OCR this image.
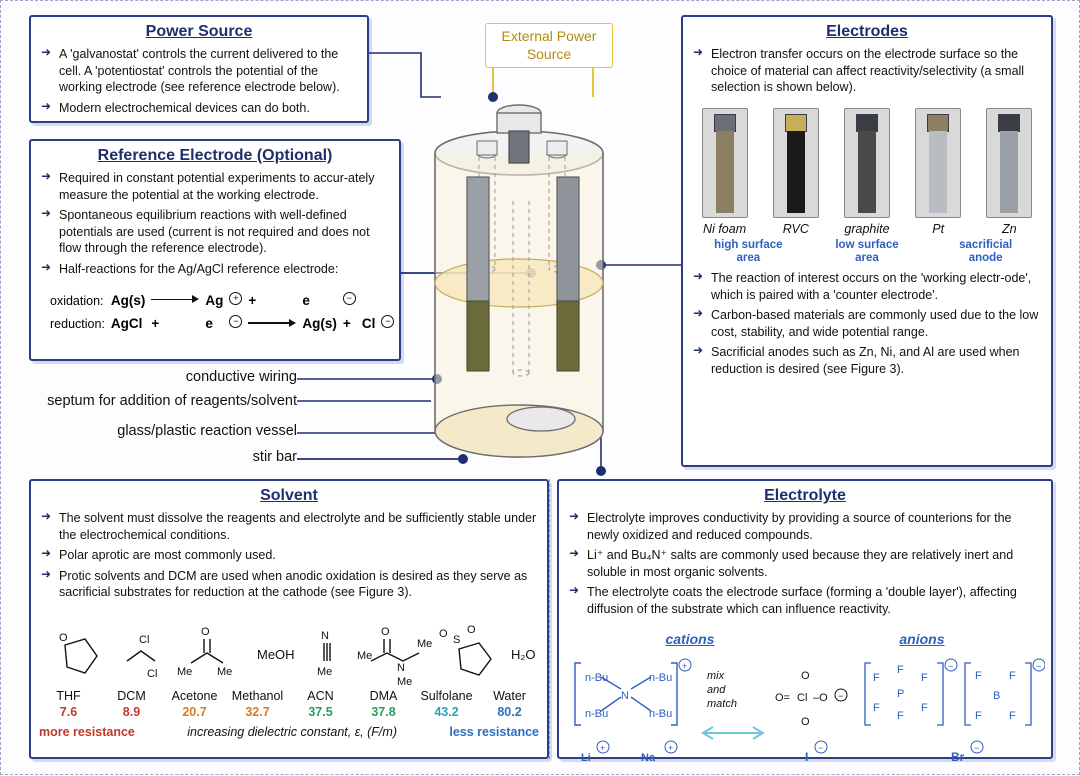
External Power Source
Power Source
➜ A 'galvanostat' controls the current delivered to the cell. A 'potentiostat' controls the potential of the working electrode (see reference electrode below).
➜ Modern electrochemical devices can do both.
Reference Electrode (Optional)
➜ Required in constant potential experiments to accur-ately measure the potential at the working electrode.
➜ Spontaneous equilibrium reactions with well-defined potentials are used (current is not required and does not flow through the reference electrode).
➜ Half-reactions for the Ag/AgCl reference electrode:
oxidation:	Ag(s)		Ag	+	+	e	−		
reduction:	AgCl	+	e	−		Ag(s)	+	Cl	−
conductive wiring
septum for addition of reagents/solvent
glass/plastic reaction vessel
stir bar
Electrodes
➜ Electron transfer occurs on the electrode surface so the choice of material can affect reactivity/selectivity (a small selection is shown below).
Ni foam	RVC	graphite	Pt	Zn
high surface area
low surface area
sacrificial anode
➜ The reaction of interest occurs on the 'working electr-ode', which is paired with a 'counter electrode'.
➜ Carbon-based materials are commonly used due to the low cost, stability, and wide potential range.
➜ Sacrificial anodes such as Zn, Ni, and Al are used when reduction is desired (see Figure 3).
Solvent
➜ The solvent must dissolve the reagents and electrolyte and be sufficiently stable under the electrochemical conditions.
➜ Polar aprotic are most commonly used.
➜ Protic solvents and DCM are used when anodic oxidation is desired as they serve as sacrificial substrates for reduction at the cathode (see Figure 3).
O	Cl
Cl
O
Me Me
MeOH
N
Me
O
Me
N
Me
Me
S
O O
H₂O
THF	DCM	Acetone	Methanol	ACN	DMA	Sulfolane	Water
7.6	8.9	20.7	32.7	37.5	37.8	43.2	80.2
more resistance	increasing dielectric constant, ε, (F/m)	less resistance
Electrolyte
➜ Electrolyte improves conductivity by providing a source of counterions for the newly oxidized and reduced compounds.
➜ Li⁺ and Bu₄N⁺ salts are commonly used because they are relatively inert and soluble in most organic solvents.
➜ The electrolyte coats the electrode surface (forming a 'double layer'), affecting diffusion of the substrate which can influence reactivity.
cations	anions
n-Bu
n-Bu
N
n-Bu
n-Bu
+
Li
+
Na
+
mix
and
match	O= Cl –O −
O
O
F
F
F
P
F
F
F
−
F F
B
F F
−
I
−
Br
−
